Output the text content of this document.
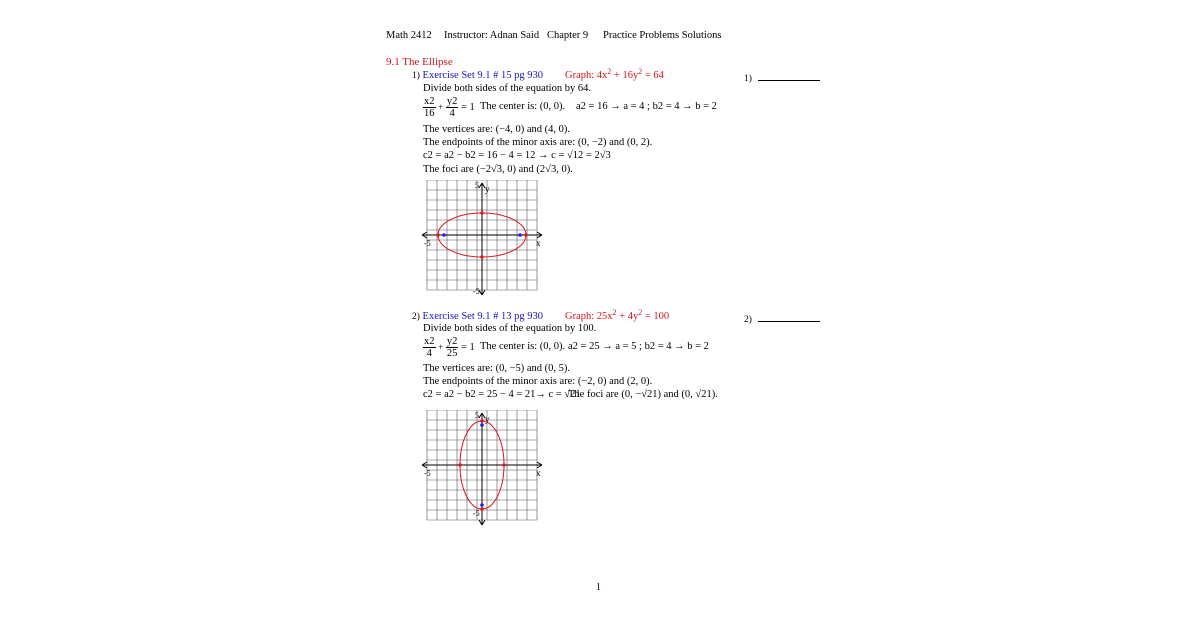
Math 2412 Instructor: Adnan Said Chapter 9 Practice Problems Solutions
9.1 The Ellipse
1) Exercise Set 9.1 # 15 pg 930 Graph: $4x^2 + 16y^2 = 64$	1)
Divide both sides of the equation by 64.
$\frac{x2}{16} + \frac{y2}{4} = 1$ The center is: (0, 0). a2 = 16 → a = 4 ; b2 = 4 → b = 2
The vertices are: (−4, 0) and (4, 0).
The endpoints of the minor axis are: (0, −2) and (0, 2).
c2 = a2 − b2 = 16 − 4 = 12 → c = √12 = 2√3
The foci are (−2√3, 0) and (2√3, 0).
5 y
x
-5
-5
2) Exercise Set 9.1 # 13 pg 930 Graph: $25x^2 + 4y^2 = 100$	2)
Divide both sides of the equation by 100.
$\frac{x2}{4} + \frac{y2}{25} = 1$ The center is: (0, 0). a2 = 25 → a = 5 ; b2 = 4 → b = 2
The vertices are: (0, −5) and (0, 5).
The endpoints of the minor axis are: (−2, 0) and (2, 0).
c2 = a2 − b2 = 25 − 4 = 21→ c = √21
The foci are (0, −√21) and (0, √21).
5 y
x
-5
-5
1
